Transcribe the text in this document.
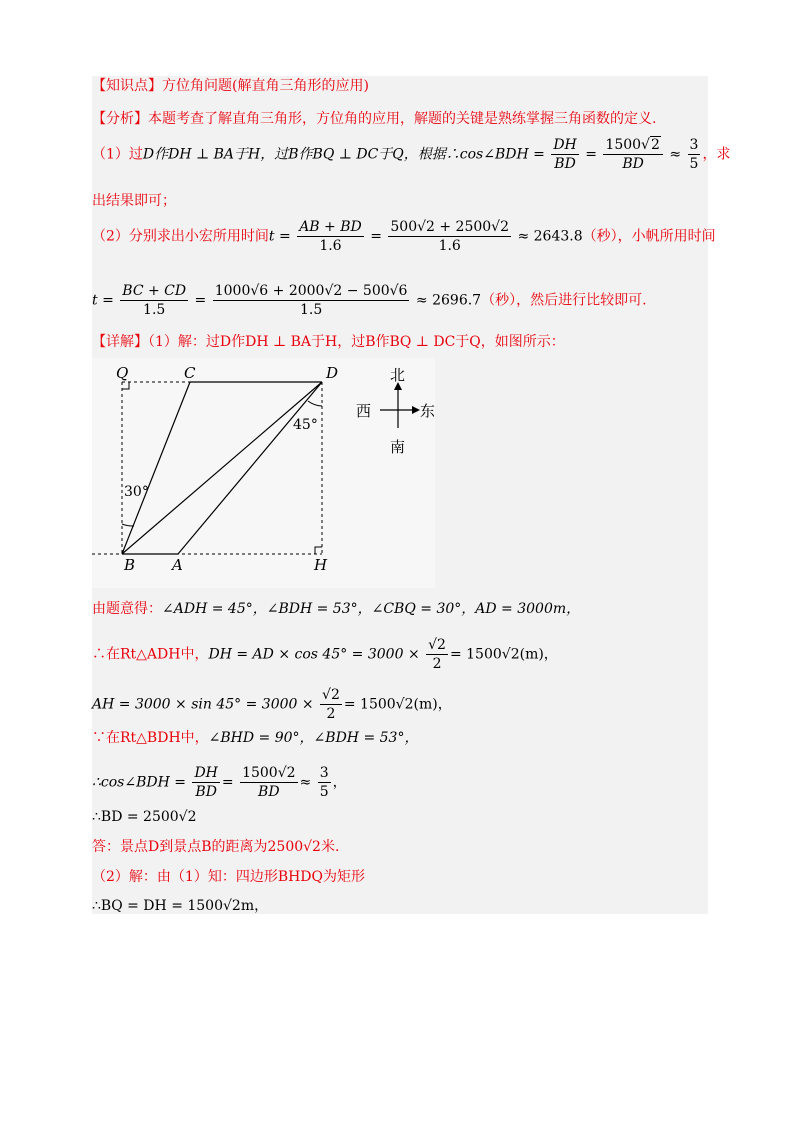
【知识点】方位角问题(解直角三角形的应用)
【分析】本题考查了解直角三角形，方位角的应用，解题的关键是熟练掌握三角函数的定义.
（1）过D作DH ⊥ BA于H，过B作BQ ⊥ DC于Q，根据∴cos∠BDH = $\frac{DH}{BD} = \frac{1500√2}{BD} \approx \frac{3}{5}$ ，求
出结果即可；
（2）分别求出小宏所用时间$t = \frac{AB + BD}{1.6} = \frac{500√2 + 2500√2}{1.6} \approx 2643.8$（秒），小帆所用时间
$t = \frac{BC + CD}{1.5} = \frac{1000√6 + 2000√2 - 500√6}{1.5} \approx 2696.7$（秒），然后进行比较即可.
【详解】（1）解：过D作DH ⊥ BA于H，过B作BQ ⊥ DC于Q，如图所示：
Q	C	D
B A	H
30°
45°
北
南
西	东
由题意得：∠ADH = 45°，∠BDH = 53°，∠CBQ = 30°，AD = 3000m，
∴在Rt△ADH中，DH = AD × $\cos 45^\circ = 3000 \times \frac{√2}{2} = 1500√2(m)$，
AH = $3000 \times \sin 45^\circ = 3000 \times \frac{√2}{2} = 1500√2(m)$，
∵在Rt△BDH中，∠BHD = 90°，∠BDH = 53°，
∴cos∠BDH = $\frac{DH}{BD} = \frac{1500√2}{BD} \approx \frac{3}{5}$ ，
∴BD = 2500√2
答：景点D到景点B的距离为2500√2米.
（2）解：由（1）知：四边形BHDQ为矩形
∴BQ = DH = 1500√2m，
